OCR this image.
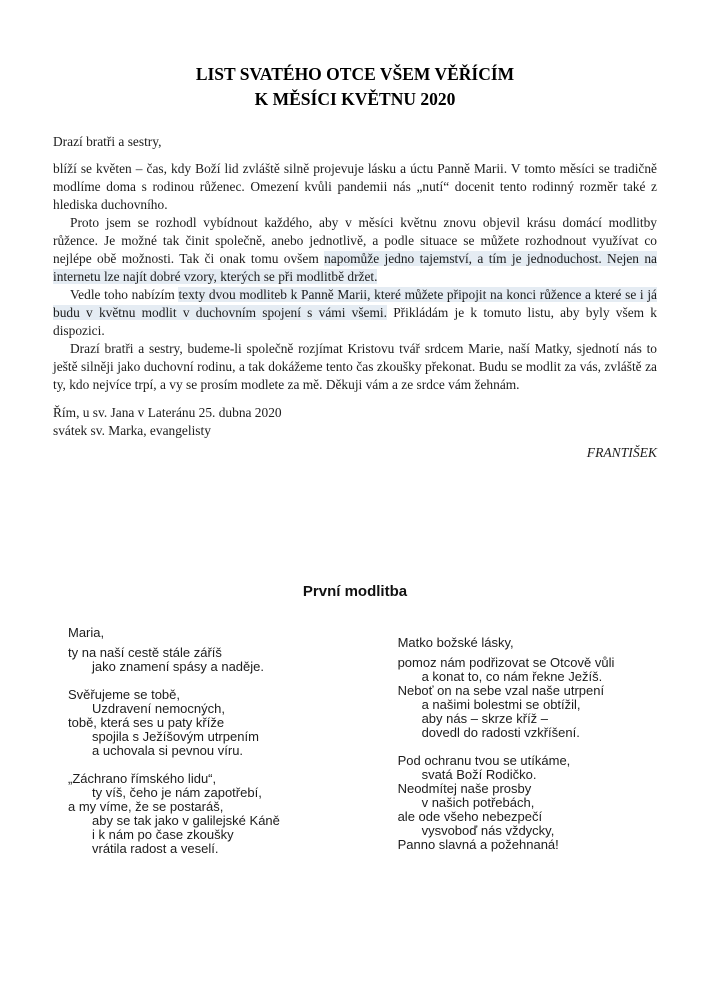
LIST SVATÉHO OTCE VŠEM VĚŘÍCÍM
K MĚSÍCI KVĚTNU 2020

Drazí bratři a sestry,

blíží se květen – čas, kdy Boží lid zvláště silně projevuje lásku a úctu Panně Marii. V tomto měsíci se tradičně modlíme doma s rodinou růženec. Omezení kvůli pandemii nás „nutí“ docenit tento rodinný rozměr také z hlediska duchovního.

Proto jsem se rozhodl vybídnout každého, aby v měsíci květnu znovu objevil krásu domácí modlitby růžence. Je možné tak činit společně, anebo jednotlivě, a podle situace se můžete rozhodnout využívat co nejlépe obě možnosti. Tak či onak tomu ovšem napomůže jedno tajemství, a tím je jednoduchost. Nejen na internetu lze najít dobré vzory, kterých se při modlitbě držet.

Vedle toho nabízím texty dvou modliteb k Panně Marii, které můžete připojit na konci růžence a které se i já budu v květnu modlit v duchovním spojení s vámi všemi. Přikládám je k tomuto listu, aby byly všem k dispozici.

Drazí bratři a sestry, budeme-li společně rozjímat Kristovu tvář srdcem Marie, naší Matky, sjednotí nás to ještě silněji jako duchovní rodinu, a tak dokážeme tento čas zkoušky překonat. Budu se modlit za vás, zvláště za ty, kdo nejvíce trpí, a vy se prosím modlete za mě. Děkuji vám a ze srdce vám žehnám.

Řím, u sv. Jana v Lateránu 25. dubna 2020
svátek sv. Marka, evangelisty
FRANTIŠEK
První modlitba
Maria,
ty na naší cestě stále záříš
jako znamení spásy a naděje.
Svěřujeme se tobě,
Uzdravení nemocných,
tobě, která ses u paty kříže
spojila s Ježíšovým utrpením
a uchovala si pevnou víru.
„Záchrano římského lidu“,
ty víš, čeho je nám zapotřebí,
a my víme, že se postaráš,
aby se tak jako v galilejské Káně
i k nám po čase zkoušky
vrátila radost a veselí.
Matko božské lásky,
pomoz nám podřizovat se Otcově vůli
a konat to, co nám řekne Ježíš.
Neboť on na sebe vzal naše utrpení
a našimi bolestmi se obtížil,
aby nás – skrze kříž –
dovedl do radosti vzkříšení.
Pod ochranu tvou se utíkáme,
svatá Boží Rodičko.
Neodmítej naše prosby
v našich potřebách,
ale ode všeho nebezpečí
vysvoboď nás vždycky,
Panno slavná a požehnaná!
